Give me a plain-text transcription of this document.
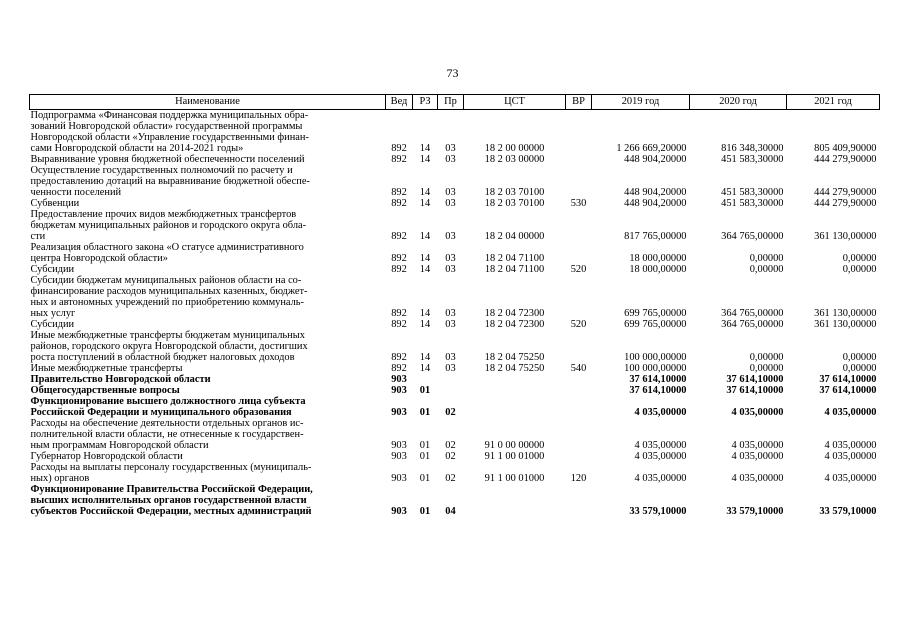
73
Наименование	Вед	РЗ	Пр	ЦСТ	ВР	2019 год	2020 год	2021 год
Подпрограмма «Финансовая поддержка муниципальных обра-
зований Новгородской области» государственной программы
Новгородской области «Управление государственными финан-
сами Новгородской области на 2014-2021 годы»	892	14	03	18 2 00 00000		1 266 669,20000	816 348,30000	805 409,90000
Выравнивание уровня бюджетной обеспеченности поселений	892	14	03	18 2 03 00000		448 904,20000	451 583,30000	444 279,90000
Осуществление государственных полномочий по расчету и
предоставлению дотаций на выравнивание бюджетной обеспе-
ченности поселений	892	14	03	18 2 03 70100		448 904,20000	451 583,30000	444 279,90000
Субвенции	892	14	03	18 2 03 70100	530	448 904,20000	451 583,30000	444 279,90000
Предоставление прочих видов межбюджетных трансфертов
бюджетам муниципальных районов и городского округа обла-
сти	892	14	03	18 2 04 00000		817 765,00000	364 765,00000	361 130,00000
Реализация областного закона «О статусе административного
центра Новгородской области»	892	14	03	18 2 04 71100		18 000,00000	0,00000	0,00000
Субсидии	892	14	03	18 2 04 71100	520	18 000,00000	0,00000	0,00000
Субсидии бюджетам муниципальных районов области на со-
финансирование расходов муниципальных казенных, бюджет-
ных и автономных учреждений по приобретению коммуналь-
ных услуг	892	14	03	18 2 04 72300		699 765,00000	364 765,00000	361 130,00000
Субсидии	892	14	03	18 2 04 72300	520	699 765,00000	364 765,00000	361 130,00000
Иные межбюджетные трансферты бюджетам муниципальных
районов, городского округа Новгородской области, достигших
роста поступлений в областной бюджет налоговых доходов	892	14	03	18 2 04 75250		100 000,00000	0,00000	0,00000
Иные межбюджетные трансферты	892	14	03	18 2 04 75250	540	100 000,00000	0,00000	0,00000
Правительство Новгородской области	903					37 614,10000	37 614,10000	37 614,10000
Общегосударственные вопросы	903	01				37 614,10000	37 614,10000	37 614,10000
Функционирование высшего должностного лица субъекта
Российской Федерации и муниципального образования	903	01	02			4 035,00000	4 035,00000	4 035,00000
Расходы на обеспечение деятельности отдельных органов ис-
полнительной власти области, не отнесенные к государствен-
ным программам Новгородской области	903	01	02	91 0 00 00000		4 035,00000	4 035,00000	4 035,00000
Губернатор Новгородской области	903	01	02	91 1 00 01000		4 035,00000	4 035,00000	4 035,00000
Расходы на выплаты персоналу государственных (муниципаль-
ных) органов	903	01	02	91 1 00 01000	120	4 035,00000	4 035,00000	4 035,00000
Функционирование Правительства Российской Федерации,
высших исполнительных органов государственной власти
субъектов Российской Федерации, местных администраций	903	01	04			33 579,10000	33 579,10000	33 579,10000
